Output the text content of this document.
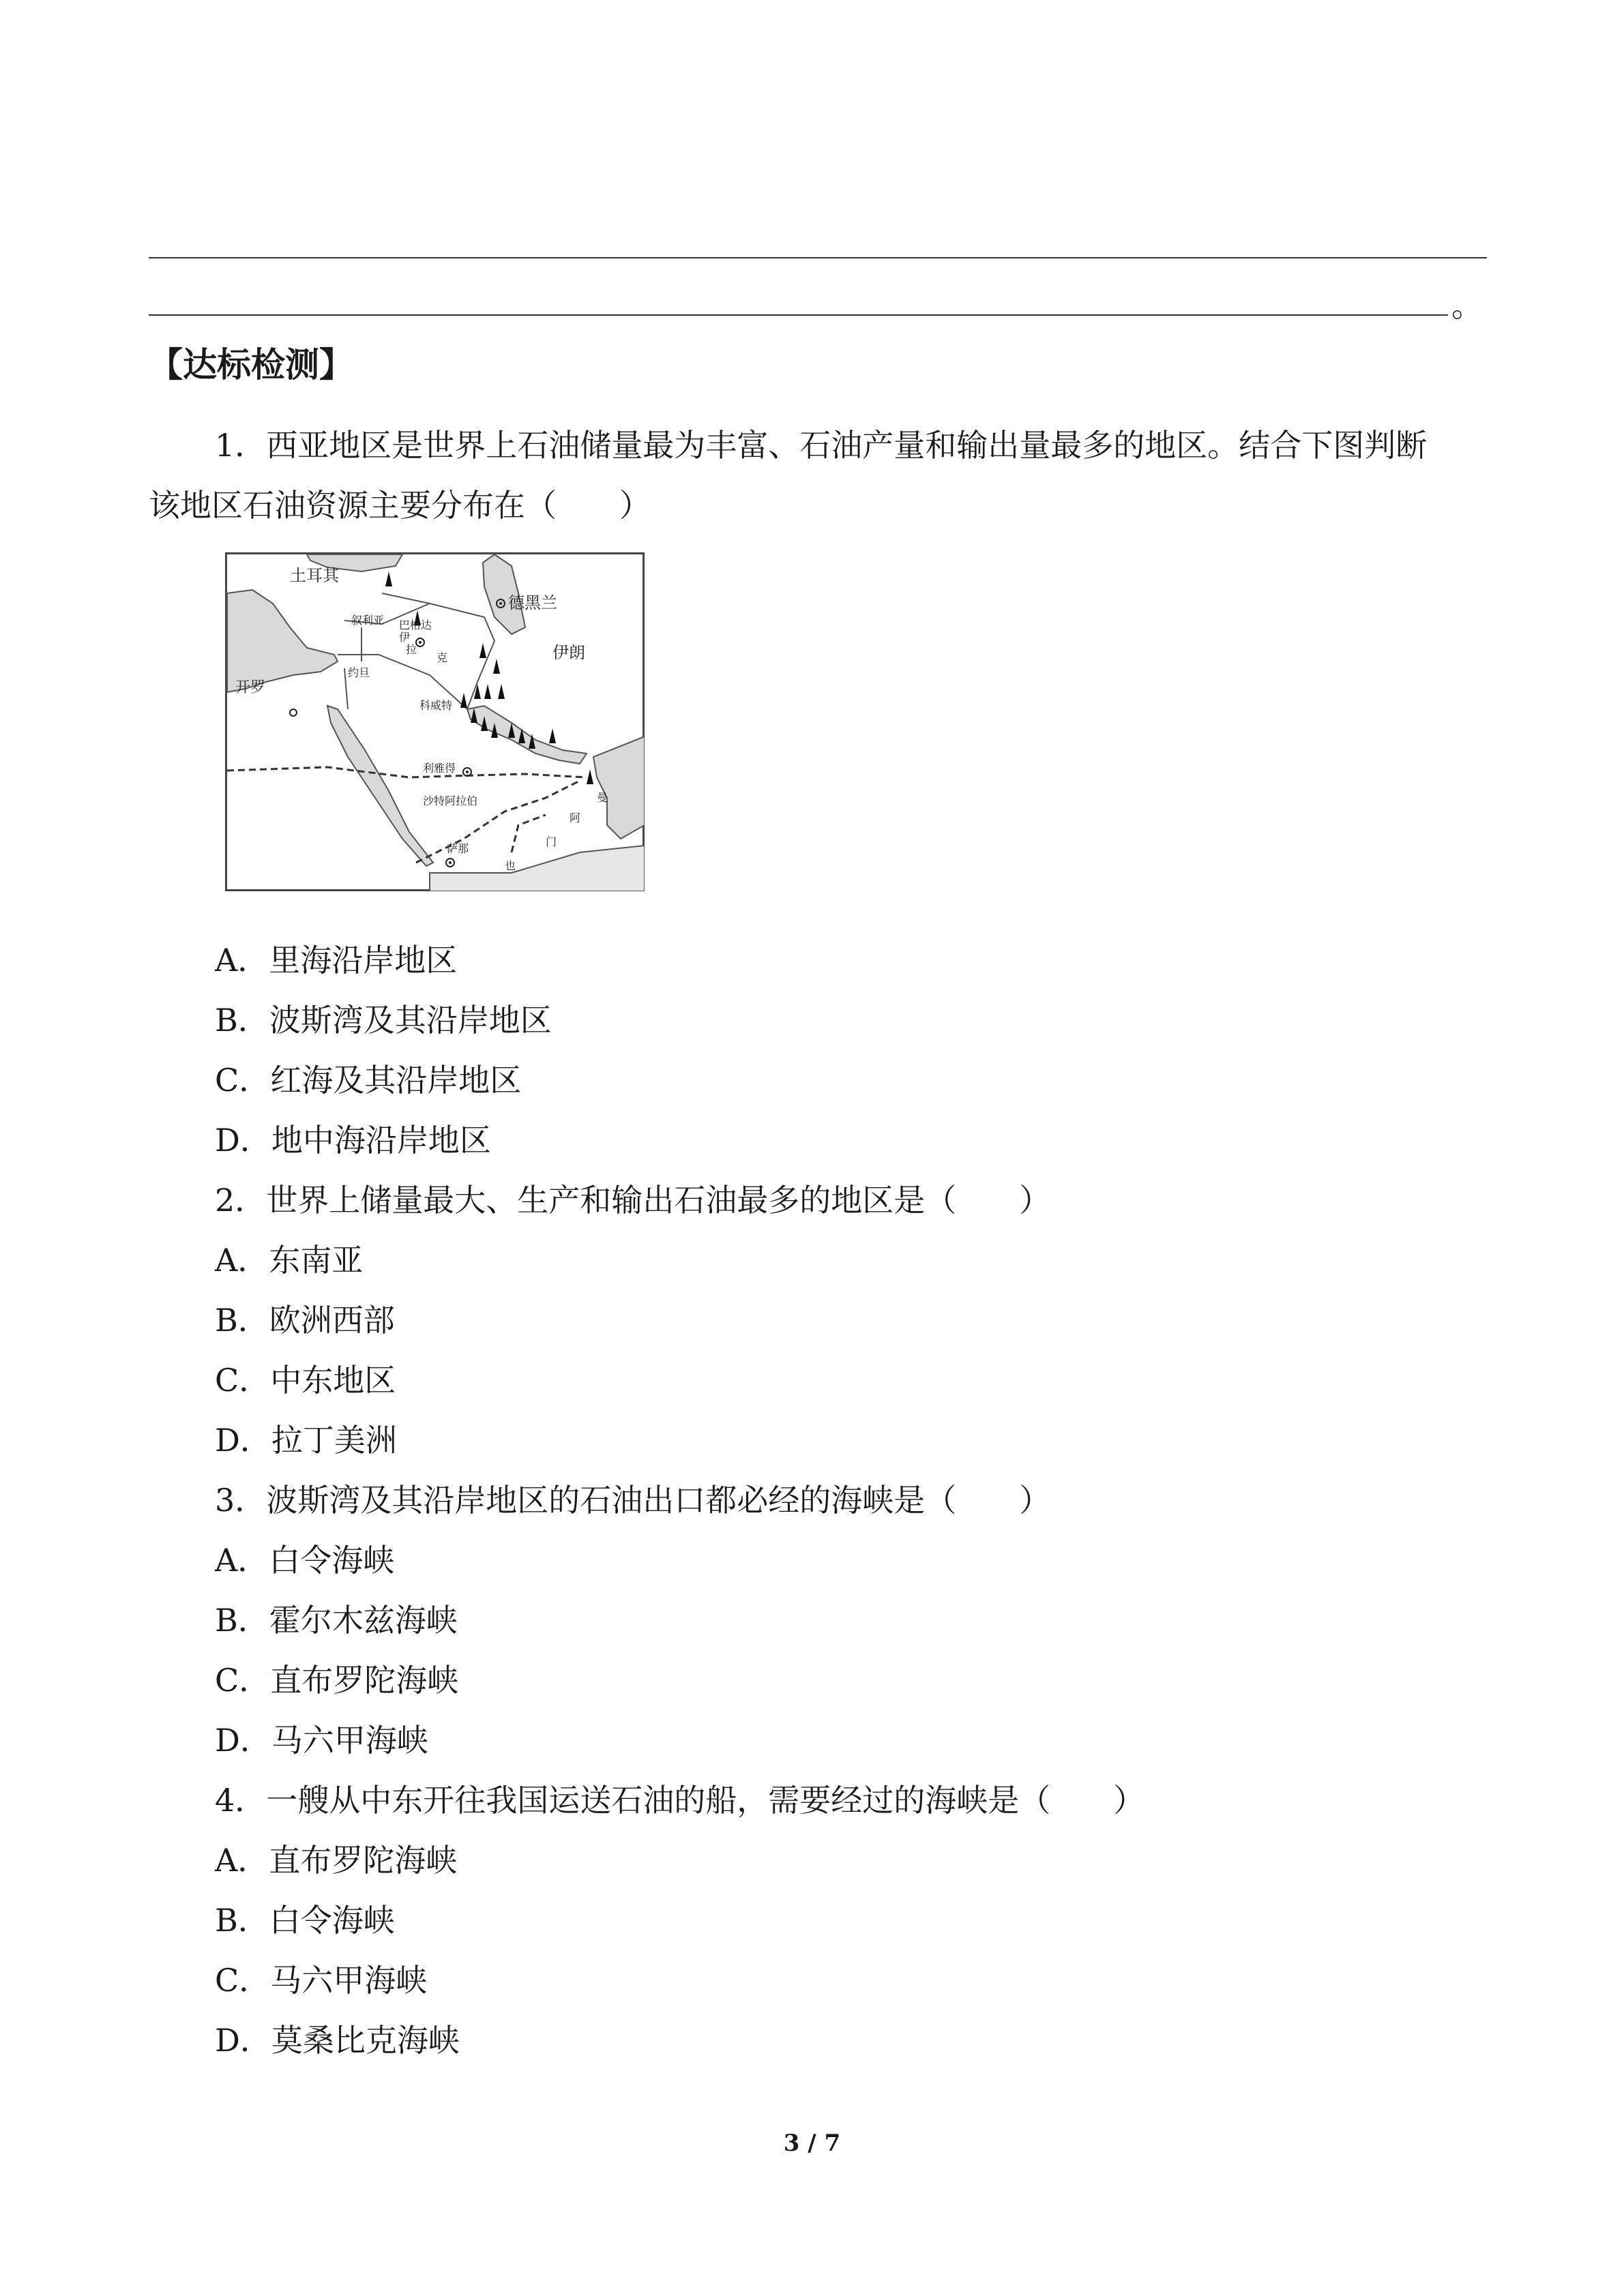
。
【达标检测】
1．西亚地区是世界上石油储量最为丰富、石油产量和输出量最多的地区。结合下图判断
该地区石油资源主要分布在（　　）
土耳其
德黑兰
伊朗
叙利亚 巴格达
伊
拉
克
约旦
开罗
科威特
利雅得
沙特阿拉伯	曼
阿
门
也
萨那
A．里海沿岸地区
B．波斯湾及其沿岸地区
C．红海及其沿岸地区
D．地中海沿岸地区
2．世界上储量最大、生产和输出石油最多的地区是（　　）
A．东南亚
B．欧洲西部
C．中东地区
D．拉丁美洲
3．波斯湾及其沿岸地区的石油出口都必经的海峡是（　　）
A．白令海峡
B．霍尔木兹海峡
C．直布罗陀海峡
D．马六甲海峡
4．一艘从中东开往我国运送石油的船，需要经过的海峡是（　　）
A．直布罗陀海峡
B．白令海峡
C．马六甲海峡
D．莫桑比克海峡
3 / 7
